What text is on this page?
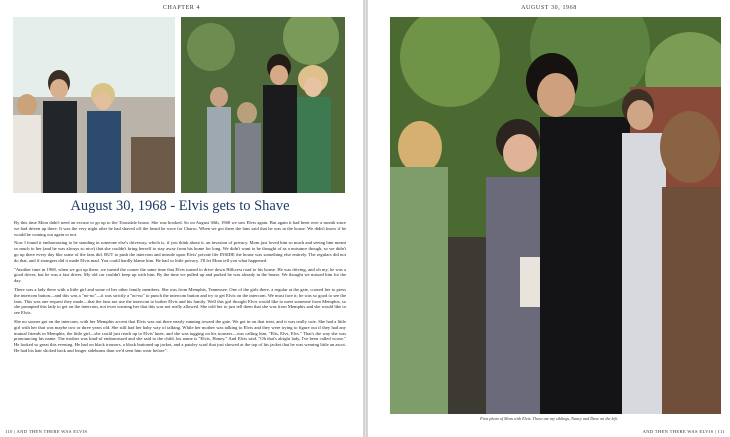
CHAPTER 4
August 30, 1968 - Elvis gets to Shave

By this time Mom didn't need an excuse to go up to the Trousdale house. She was hooked. So on August 30th, 1968 we saw Elvis again. But again it had been over a month since we had driven up there. It was the very night after he had shaved off the beard he wore for Charro. When we got there the fans said that he was in the house. We didn't know if he would be coming out again or not.

Now I found it embarrassing to be standing in someone else's driveway, which is, if you think about it, an invasion of privacy. Mom just loved him so much and seeing him meant so much to her (and he was always so nice) that she couldn't bring herself to stay away from his home for long. We didn't want to be thought of as a nuisance though, so we didn't go up there every day like some of the fans did. BUT to push the intercom and intrude upon Elvis' private life INSIDE the house was something else entirely. The regulars did not do that, and if strangers did it made Elvis mad. You could hardly blame him. He had so little privacy. I'll let Mom tell you what happened.

"Another time in 1968, when we got up there, we turned the corner the same time that Elvis turned to drive down Hillcrest road to his house. He was driving, and oh my, he was a good driver, but he was a fast driver. My old car couldn't keep up with him. By the time we pulled up and parked he was already in the house. We thought we missed him for the day.

There was a lady there with a little girl and some of her other family members. She was from Memphis, Tennessee. One of the girls there, a regular at the gate, coaxed her to press the intercom button—and this was a "no-no"—it was strictly a "no-no" to punch the intercom button and try to get Elvis on the intercom. We must face it; he was so good to see the fans. This was one request they made—that the fans not use the intercom to bother Elvis and his family. Well this girl thought Elvis would like to meet someone from Memphis, so she prompted this lady to get on the intercom, not even warning her that this was not really allowed. She told her to just tell them that she was from Memphis and she would like to see Elvis.

She no sooner got on the intercom, with her Memphis accent that Elvis was out there nearly running toward the gate. We got in on that treat, and it was really cute. She had a little girl with her that was maybe two or three years old. She still had her baby way of talking. While her mother was talking to Elvis and they were trying to figure out if they had any mutual friends in Memphis, the little girl—she could just reach up to Elvis' knee, and she was tugging on his trousers—was calling him, "Elis, Elvs, Elvs." That's the way she was pronouncing his name. The mother was kind-of embarrassed and she said to the child, his name is "Elvis, Honey." And Elvis said, "Oh that's alright lady, I've been called worse." He looked so great this evening. He had on black trousers, a black buttoned up jacket, and a paisley scarf that just showed at the top of his jacket that he was wearing little an ascot. He had his hair slicked back and longer sideburns than we'd seen him wear before".

110 | AND THEN THERE WAS ELVIS
AUGUST 30, 1968
First photo of Mom with Elvis. Those are my siblings, Nancy and Dave on the left.
AND THEN THERE WAS ELVIS | 111
